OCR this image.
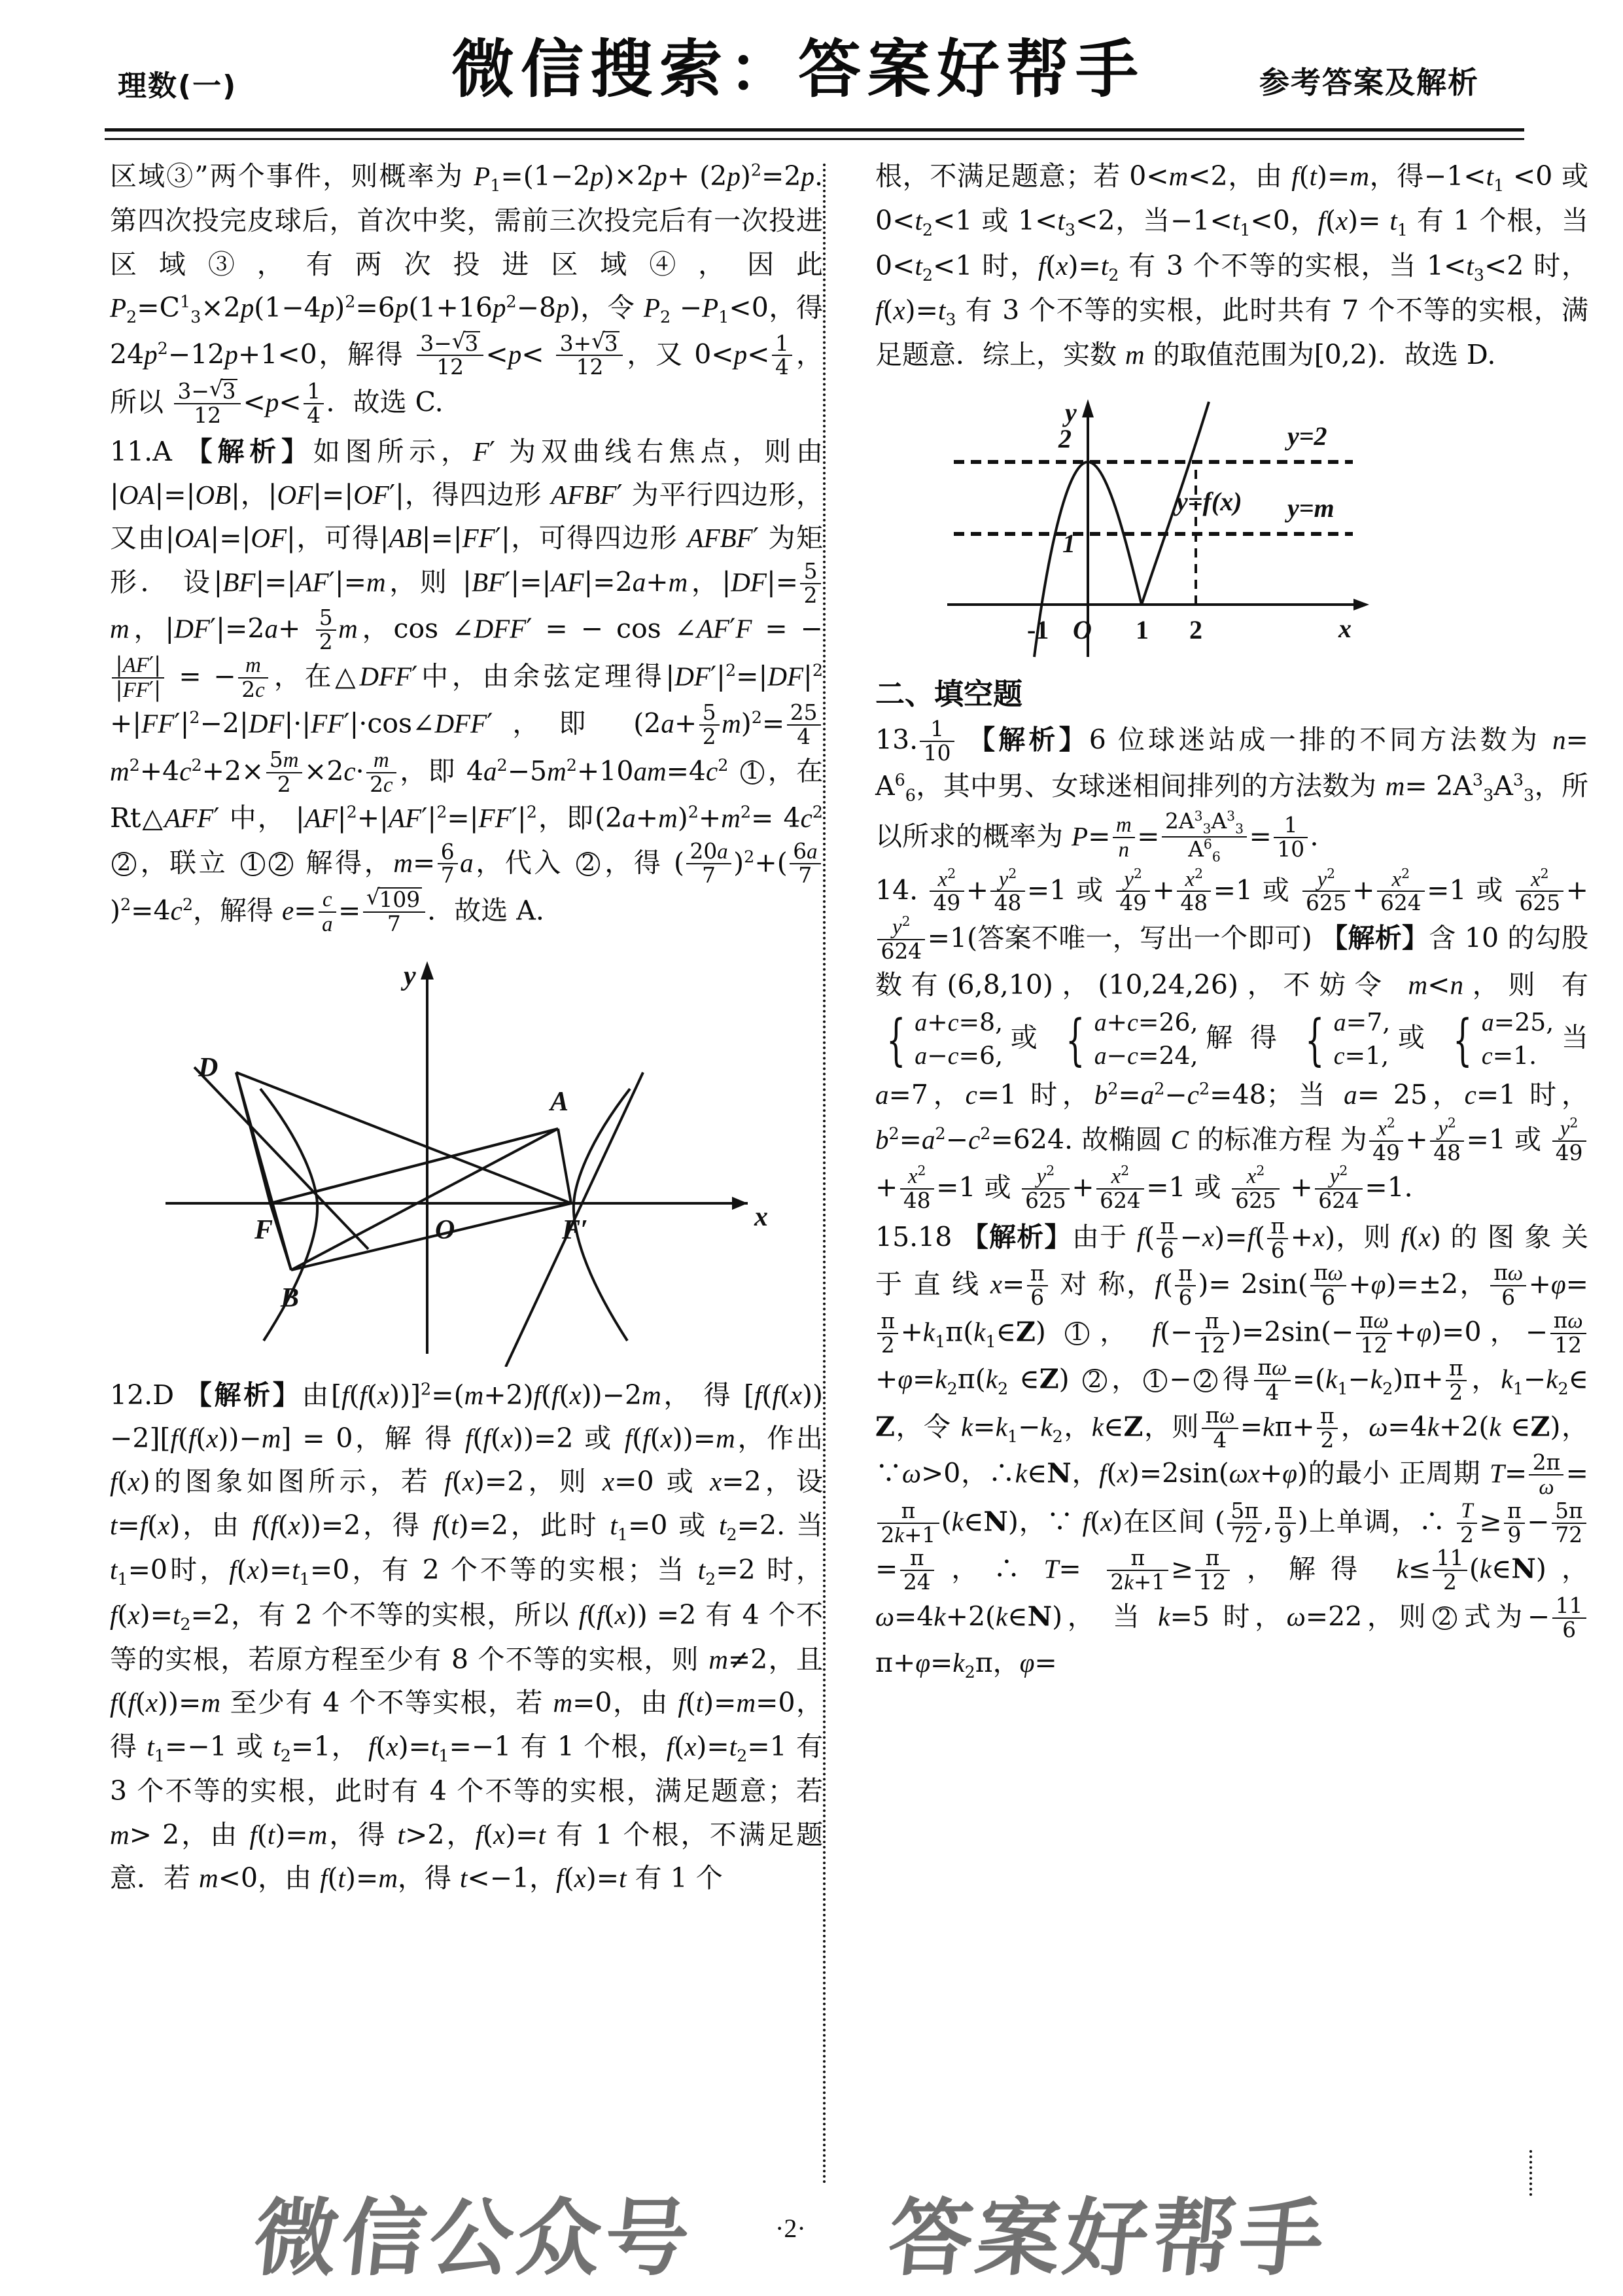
理数(一)	微信搜索：答案好帮手	参考答案及解析
区域③”两个事件，则概率为 $P_1=(1-2p)\times 2p+ (2p)^2=2p$. 第四次投完皮球后，首次中奖，需前三次投完后有一次投进区域③，有两次投进区域④，因此 $P_2=C^1_3\times 2p(1-4p)^2=6p(1+16p^2-8p)$，令 $P_2 -P_1<0$，得 $24p^2-12p+1<0$，解得 $\frac{3- √ 3}{12} <p< \frac{3+ √ 3}{12}$ ，又 $0<p< \frac{1}{4}$ ，所以 $\frac{3- √ 3}{12} <p< \frac{1}{4}$ ．故选 C.
11.A 【解析】如图所示，F′ 为双曲线右焦点，则由 |OA|=|OB|，|OF|=|OF′|，得四边形 AFBF′ 为平行四边形，又由|OA|=|OF|，可得|AB|=|FF′|，可得四边形 AFBF′ 为矩形． 设|BF|=|AF′|=m，则 |BF′|=|AF|=2a+m，$|DF|= \frac{5}{2}$
m，$|DF'|=2a+ \frac{5}{2}$ m，cos ∠DFF′ = − cos ∠AF′F = −
$\frac{|AF'|}{|FF'|}$ = − $\frac{m}{2c}$ ，在△DFF′中，由余弦定理得$|DF'|^2=|DF|^2$ $+|FF'|^2-2|DF|\cdot|FF'|\cdot\cos\angle DFF'$，即 $(2a+ \frac{5}{2} m)^2= \frac{25}{4}$
$m^2+4c^2+2\times \frac{5m}{2} \times 2c\cdot \frac{m}{2c}$ ，即 $4a^2-5m^2+10am=4c^2$ 1 ，在 Rt△AFF′ 中， $|AF|^2+|AF'|^2=|FF'|^2$，即$(2a+m)^2+m^2= 4c^2$ 2 ，联立 1 2 解得，$m= \frac{6}{7}$ a，代入 2 ，得 ( $\frac{20a}{7} )^2+( \frac{6a}{7}$
)$^2=4c^2$，解得 $e= \frac{c}{a}$ = √ $\frac{109}{7}$ ．故选 A.
D
A
F	O	F′
B
x
y
12.D 【解析】由$[f(f(x))]^2=(m+2)f(f(x))-2m$， 得 [f(f(x))−2][f(f(x))−m] = 0，解 得 f(f(x))=2 或 f(f(x))=m，作出 f(x)的图象如图所示，若 f(x)=2，则 x=0 或 x=2，设 t=f(x)，由 f(f(x))=2，得 f(t)=2，此时 $t_1=0$ 或 $t_2=2$. 当 $t_1=0$时，$f(x)=t_1=0$，有 2 个不等的实根；当 $t_2=2$ 时，$f(x)=t_2=2$，有 2 个不等的实根，所以 f(f(x)) =2 有 4 个不等的实根，若原方程至少有 8 个不等的实根，则 m≠2，且 f(f(x))=m 至少有 4 个不等实根，若 m=0，由 f(t)=m=0，得 $t_1=-1$ 或 $t_2=1$， $f(x)=t_1=-1$ 有 1 个根，$f(x)=t_2=1$ 有 3 个不等的实根，此时有 4 个不等的实根，满足题意；若 m> 2，由 f(t)=m，得 t>2，f(x)=t 有 1 个根，不满足题意．若 m<0，由 f(t)=m，得 t<−1，f(x)=t 有 1 个
根，不满足题意；若 0<m<2，由 f(t)=m，得$-1<t_1 <0$ 或 $0<t_2<1$ 或 $1<t_3<2$，当$-1<t_1<0$，$f(x)= t_1$ 有 1 个根，当 $0<t_2<1$ 时，$f(x)=t_2$ 有 3 个不等的实根，当 $1<t_3<2$ 时，$f(x)=t_3$ 有 3 个不等的实根，此时共有 7 个不等的实根，满足题意．综上，实数 m 的取值范围为[0,2)．故选 D.
2
1
-1 O 1 2	x
y
y=2
y=m
y=f(x)
二、填空题
13. $\frac{1}{10}$ 【解析】6 位球迷站成一排的不同方法数为 $n= A^6_6$，其中男、女球迷相间排列的方法数为 $m= 2A^3_3A^3_3$，所以所求的概率为 $P= \frac{m}{n} = \frac{2A^3_3A^3_3}{A^6_6} = \frac{1}{10}$ ．
14. $\frac{x^2}{49} + \frac{y^2}{48} =1$ 或 $\frac{y^2}{49} + \frac{x^2}{48} =1$ 或 $\frac{y^2}{625} + \frac{x^2}{624} =1$ 或 $\frac{x^2}{625}$ +
$\frac{y^2}{624} =1$(答案不唯一，写出一个即可) 【解析】含 10 的勾股数有(6,8,10)，(10,24,26)，不妨令 m<n，则 有
{ a+c=8,
a−c=6,
或 { a+c=26,
a−c=24,
解 得 { a=7,
c=1,
或 { a=25,
c=1.
当 a=7，c=1 时，$b^2=a^2-c^2=48$；当 a= 25，c=1 时，$b^2=a^2-c^2=624$. 故椭圆 C 的标准方程 为 $\frac{x^2}{49} + \frac{y^2}{48} =1$ 或 $\frac{y^2}{49}$
+ $\frac{x^2}{48} =1$ 或 $\frac{y^2}{625} + \frac{x^2}{624} =1$ 或 $\frac{x^2}{625} + \frac{y^2}{624} =1$．
15.18 【解析】由于 $f( \frac{\pi}{6} -x)=f( \frac{\pi}{6} +x)$，则 f(x) 的 图 象 关 于 直 线 $x= \frac{\pi}{6}$ 对 称，$f( \frac{\pi}{6}$ )= $2\sin( \frac{\pi\omega}{6} +\varphi)=\pm 2$， $\frac{\pi\omega}{6} +\varphi=$
$\frac{\pi}{2}$ $+k_1\pi(k_1\in Z)$ 1 ， $f(- \frac{\pi}{12} )=2\sin(- \frac{\pi\omega}{12} +\varphi)=0$，− $\frac{\pi\omega}{12}$
$+\varphi=k_2\pi(k_2$ ∈Z) 2 ， 1 − 2 得 $\frac{\pi\omega}{4} =(k_1-k_2)\pi+ \frac{\pi}{2}$ ，$k_1-k_2\in$ Z，令 $k=k_1-k_2$，k∈Z，则 $\frac{\pi\omega}{4} =k\pi+ \frac{\pi}{2}$ ，ω=4k+2(k ∈Z)，∵ω>0，∴k∈N，f(x)=2sin(ωx+φ)的最小 正周期 $T= \frac{2\pi}{\omega}$ =
$\frac{\pi}{2k+1}$ (k∈N)，∵ f(x)在区间 ( $\frac{5\pi}{72}$ , $\frac{\pi}{9}$ )上单调，∴ $\frac{T}{2} \ge \frac{\pi}{9} - \frac{5\pi}{72}$
= $\frac{\pi}{24}$ ，∴ $T= \frac{\pi}{2k+1} \ge \frac{\pi}{12}$ ，解得 $k\le \frac{11}{2}$ (k∈N)，ω=4k+2(k∈N)， 当 k=5 时，ω=22，则 2 式为− $\frac{11}{6}$
$\pi+\varphi=k_2\pi$，φ=
微信公众号 答案好帮手
·2·
